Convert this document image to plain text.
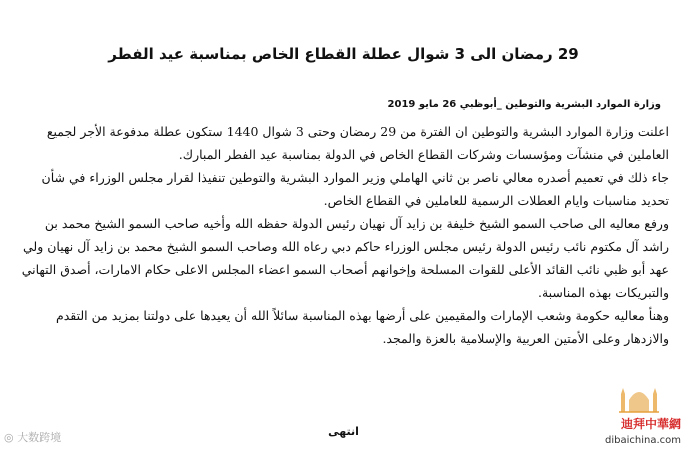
29 رمضان الى 3 شوال عطلة القطاع الخاص بمناسبة عيد الفطر
وزارة الموارد البشرية والتوطين _أبوظبي 26 مايو 2019

اعلنت وزارة الموارد البشرية والتوطين ان الفترة من 29 رمضان وحتى 3 شوال 1440 ستكون عطلة مدفوعة الأجر لجميع العاملين في منشآت ومؤسسات وشركات القطاع الخاص في الدولة بمناسبة عيد الفطر المبارك.

جاء ذلك في تعميم أصدره معالي ناصر بن ثاني الهاملي وزير الموارد البشرية والتوطين تنفيذا لقرار مجلس الوزراء في شأن تحديد مناسبات وايام العطلات الرسمية للعاملين في القطاع الخاص.

ورفع معاليه الى صاحب السمو الشيخ خليفة بن زايد آل نهيان رئيس الدولة حفظه الله وأخيه صاحب السمو الشيخ محمد بن راشد آل مكتوم نائب رئيس الدولة رئيس مجلس الوزراء حاكم دبي رعاه الله وصاحب السمو الشيخ محمد بن زايد آل نهيان ولي عهد أبو ظبي نائب القائد الأعلى للقوات المسلحة وإخوانهم أصحاب السمو اعضاء المجلس الاعلى حكام الامارات، أصدق التهاني والتبريكات بهذه المناسبة.

وهنأ معاليه حكومة وشعب الإمارات والمقيمين على أرضها بهذه المناسبة سائلاً الله أن يعيدها على دولتنا بمزيد من التقدم والازدهار وعلى الأمتين العربية والإسلامية بالعزة والمجد.

انتهى
◎ 大数跨境
迪拜中華網
dibaichina.com
